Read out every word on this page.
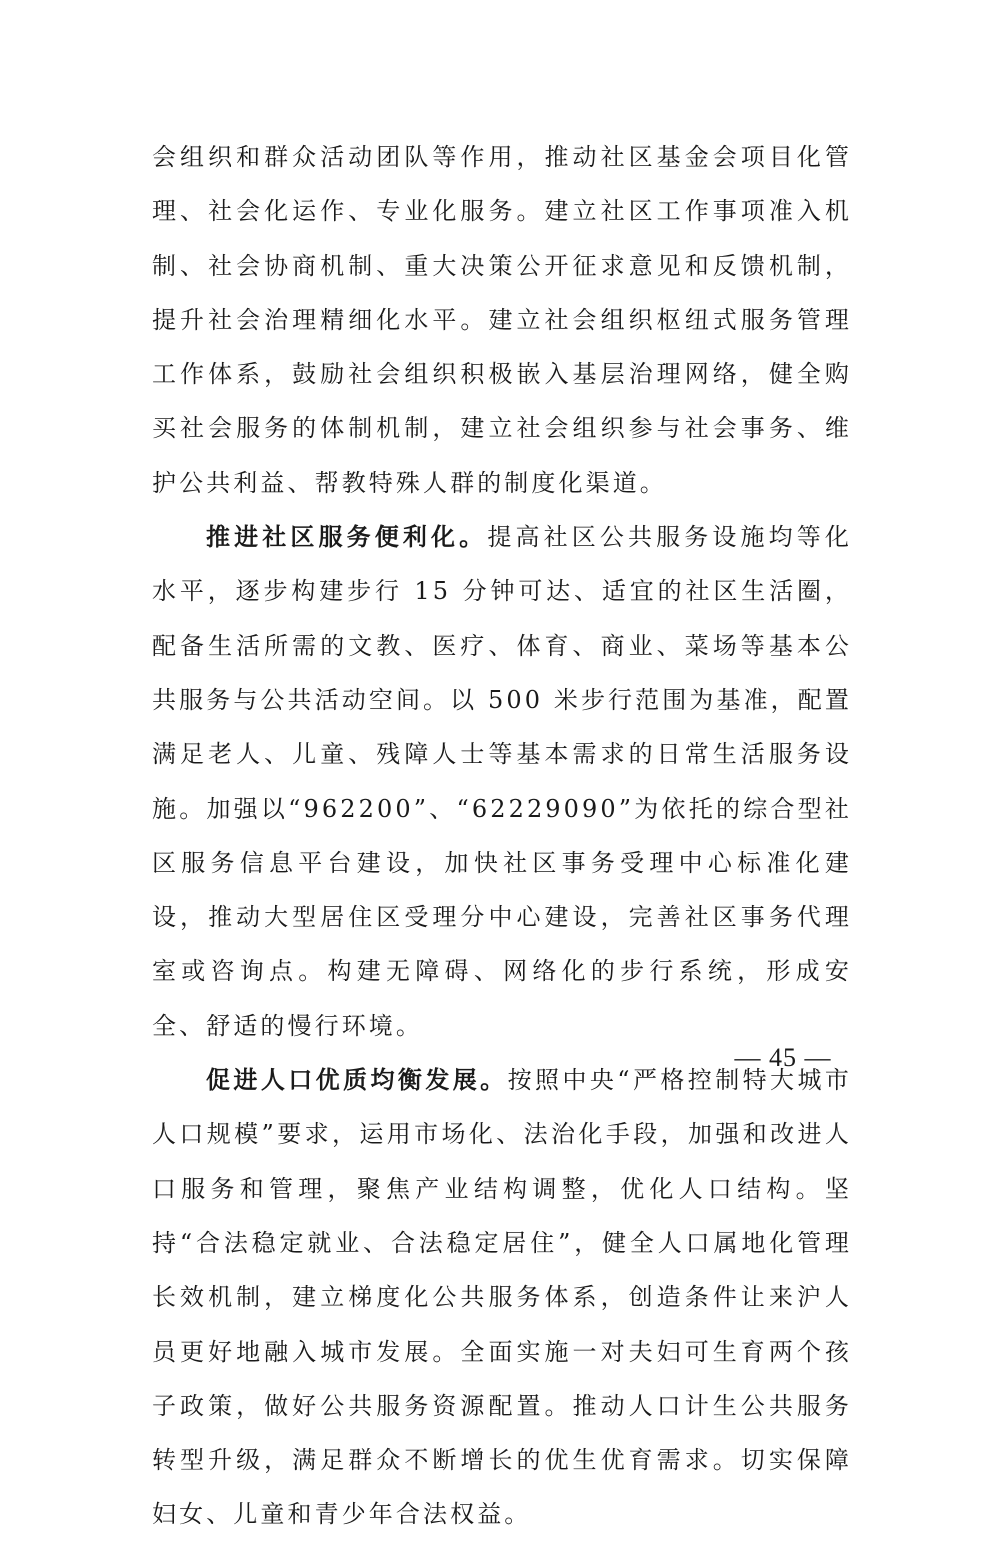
会组织和群众活动团队等作用，推动社区基金会项目化管理、社会化运作、专业化服务。建立社区工作事项准入机制、社会协商机制、重大决策公开征求意见和反馈机制，提升社会治理精细化水平。建立社会组织枢纽式服务管理工作体系，鼓励社会组织积极嵌入基层治理网络，健全购买社会服务的体制机制，建立社会组织参与社会事务、维护公共利益、帮教特殊人群的制度化渠道。

推进社区服务便利化。提高社区公共服务设施均等化水平，逐步构建步行 15 分钟可达、适宜的社区生活圈，配备生活所需的文教、医疗、体育、商业、菜场等基本公共服务与公共活动空间。以 500 米步行范围为基准，配置满足老人、儿童、残障人士等基本需求的日常生活服务设施。加强以“962200”、“62229090”为依托的综合型社区服务信息平台建设，加快社区事务受理中心标准化建设，推动大型居住区受理分中心建设，完善社区事务代理室或咨询点。构建无障碍、网络化的步行系统，形成安全、舒适的慢行环境。

促进人口优质均衡发展。按照中央“严格控制特大城市人口规模”要求，运用市场化、法治化手段，加强和改进人口服务和管理，聚焦产业结构调整，优化人口结构。坚持“合法稳定就业、合法稳定居住”，健全人口属地化管理长效机制，建立梯度化公共服务体系，创造条件让来沪人员更好地融入城市发展。全面实施一对夫妇可生育两个孩子政策，做好公共服务资源配置。推动人口计生公共服务转型升级，满足群众不断增长的优生优育需求。切实保障妇女、儿童和青少年合法权益。

— 45 —
